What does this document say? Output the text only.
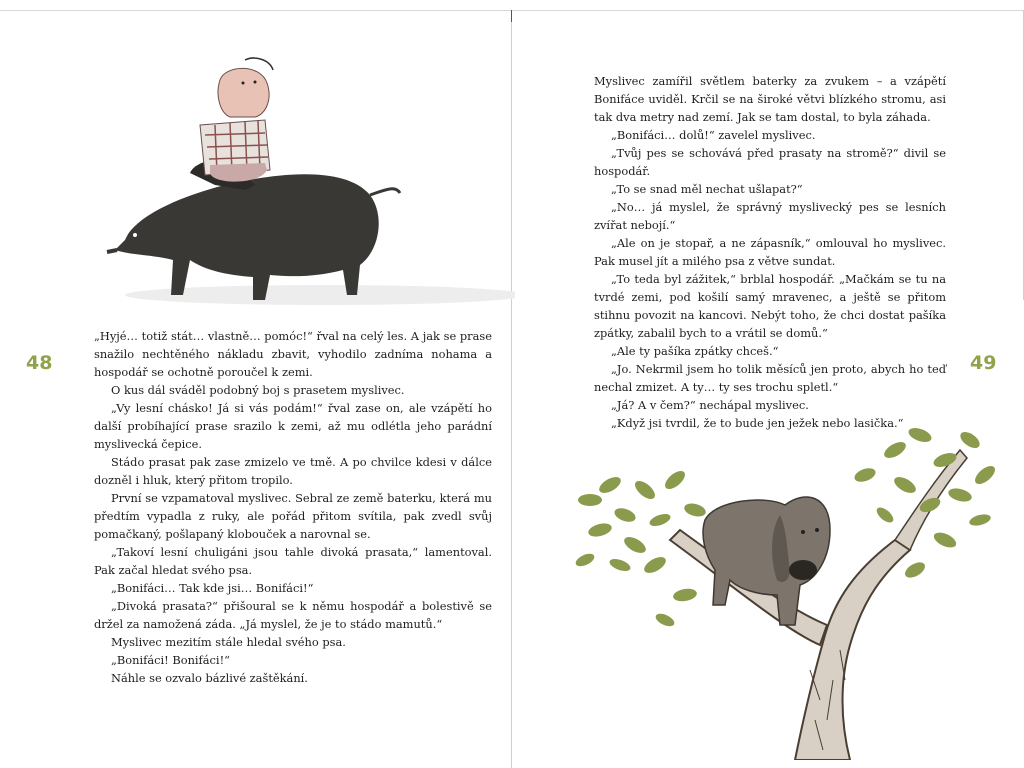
48

„Hyjé… totiž stát… vlastně… pomóc!“ řval na celý les. A jak se prase snažilo nechtěného nákladu zbavit, vyhodilo zadníma nohama a hospodář se ochotně poroučel k zemi.

O kus dál sváděl podobný boj s prasetem myslivec.

„Vy lesní chásko! Já si vás podám!“ řval zase on, ale vzápětí ho další probíhající prase srazilo k zemi, až mu odlétla jeho parádní myslivecká čepice.

Stádo prasat pak zase zmizelo ve tmě. A po chvilce kdesi v dálce dozněl i hluk, který přitom tropilo.

První se vzpamatoval myslivec. Sebral ze země baterku, která mu předtím vypadla z ruky, ale pořád přitom svítila, pak zvedl svůj pomačkaný, pošlapaný klobouček a narovnal se.

„Takoví lesní chuligáni jsou tahle divoká prasata,“ lamentoval. Pak začal hledat svého psa.

„Bonifáci… Tak kde jsi… Bonifáci!“

„Divoká prasata?“ přišoural se k němu hospodář a bolestivě se držel za namožená záda. „Já myslel, že je to stádo mamutů.“

Myslivec mezitím stále hledal svého psa.

„Bonifáci! Bonifáci!“

Náhle se ozvalo bázlivé zaštěkání.

Myslivec zamířil světlem baterky za zvukem – a vzápětí Bonifáce uviděl. Krčil se na široké větvi blízkého stromu, asi tak dva metry nad zemí. Jak se tam dostal, to byla záhada.

„Bonifáci… dolů!“ zavelel myslivec.

„Tvůj pes se schovává před prasaty na stromě?“ divil se hospodář.

„To se snad měl nechat ušlapat?“

„No… já myslel, že správný myslivecký pes se lesních zvířat nebojí.“

„Ale on je stopař, a ne zápasník,“ omlouval ho myslivec. Pak musel jít a milého psa z větve sundat.

„To teda byl zážitek,“ brblal hospodář. „Mačkám se tu na tvrdé zemi, pod košilí samý mravenec, a ještě se přitom stihnu povozit na kancovi. Nebýt toho, že chci dostat pašíka zpátky, zabalil bych to a vrátil se domů.“

„Ale ty pašíka zpátky chceš.“

„Jo. Nekrmil jsem ho tolik měsíců jen proto, abych ho teď nechal zmizet. A ty… ty ses trochu spletl.“

„Já? A v čem?“ nechápal myslivec.

„Když jsi tvrdil, že to bude jen ježek nebo lasička.“

49
